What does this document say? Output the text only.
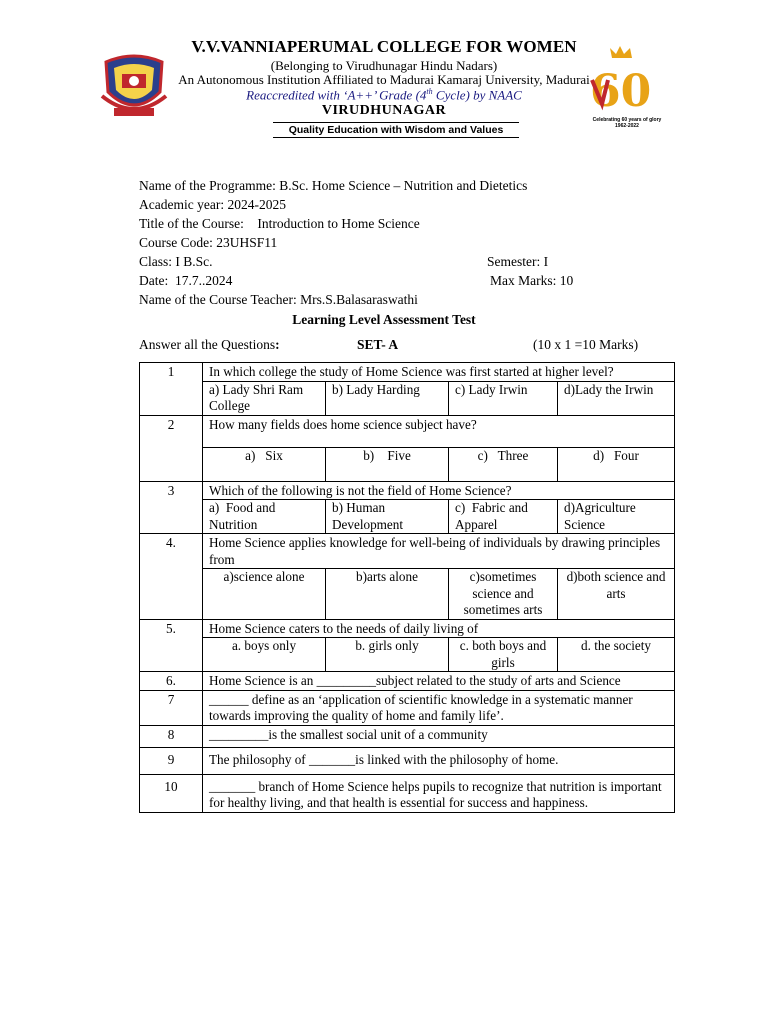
60
Celebrating 60 years of glory
1962-2022
V.V.VANNIAPERUMAL COLLEGE FOR WOMEN
(Belonging to Virudhunagar Hindu Nadars)
An Autonomous Institution Affiliated to Madurai Kamaraj University, Madurai
Reaccredited with ‘A++’ Grade (4th Cycle) by NAAC
VIRUDHUNAGAR
Quality Education with Wisdom and Values
Name of the Programme: B.Sc. Home Science – Nutrition and Dietetics
Academic year: 2024-2025
Title of the Course:    Introduction to Home Science
Course Code: 23UHSF11
Class: I B.Sc.	Semester: I
Date:  17.7..2024	Max Marks: 10
Name of the Course Teacher: Mrs.S.Balasaraswathi
Learning Level Assessment Test
Answer all the Questions:	SET- A	(10 x 1 =10 Marks)
1	In which college the study of Home Science was first started at higher level?
a) Lady Shri Ram College	b) Lady Harding	c) Lady Irwin	d)Lady the Irwin

2	How many fields does home science subject have?
a)   Six	b)    Five	c)   Three	d)   Four

3	Which of the following is not the field of Home Science?
a)  Food and Nutrition	b) Human Development	c)  Fabric and Apparel	d)Agriculture Science

4.	Home Science applies knowledge for well-being of individuals by drawing principles from
a)science alone	b)arts alone	c)sometimes science and sometimes arts	d)both science and arts

5.	Home Science caters to the needs of daily living of
a. boys only	b. girls only	c. both boys and girls	d. the society

6.	Home Science is an _________subject related to the study of arts and Science
7	______ define as an ‘application of scientific knowledge in a systematic manner towards improving the quality of home and family life’.
8	_________is the smallest social unit of a community
9	The philosophy of _______is linked with the philosophy of home.
10	_______ branch of Home Science helps pupils to recognize that nutrition is important for healthy living, and that health is essential for success and happiness.
